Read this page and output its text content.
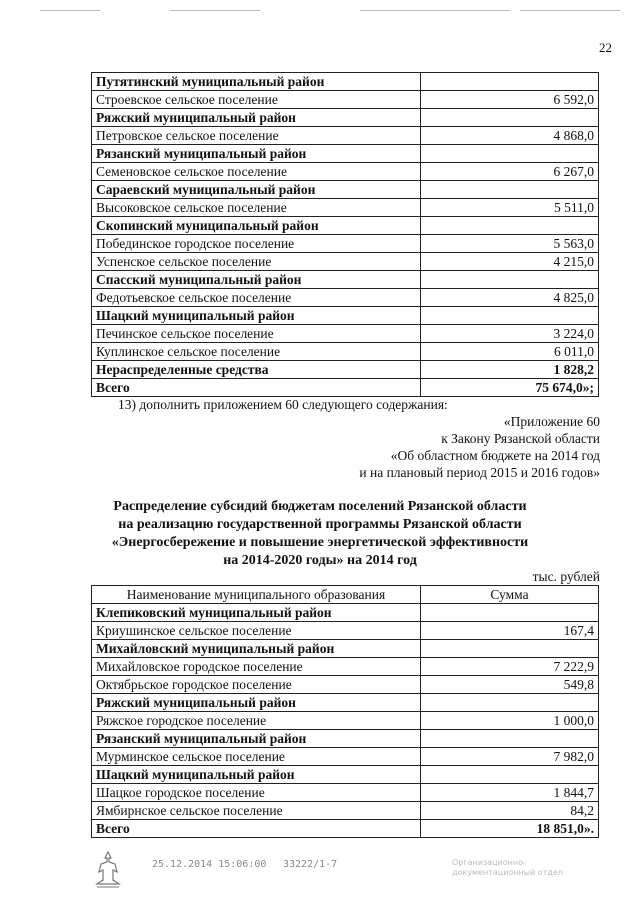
22
Путятинский муниципальный район	
Строевское сельское поселение	6 592,0
Ряжский муниципальный район	
Петровское сельское поселение	4 868,0
Рязанский муниципальный район	
Семеновское сельское поселение	6 267,0
Сараевский муниципальный район	
Высоковское сельское поселение	5 511,0
Скопинский муниципальный район	
Побединское городское поселение	5 563,0
Успенское сельское поселение	4 215,0
Спасский муниципальный район	
Федотьевское сельское поселение	4 825,0
Шацкий муниципальный район	
Печинское сельское поселение	3 224,0
Куплинское сельское поселение	6 011,0
Нераспределенные средства	1 828,2
Всего	75 674,0»;
13) дополнить приложением 60 следующего содержания:
«Приложение 60
к Закону Рязанской области
«Об областном бюджете на 2014 год
и на плановый период 2015 и 2016 годов»
Распределение субсидий бюджетам поселений Рязанской области
на реализацию государственной программы Рязанской области
«Энергосбережение и повышение энергетической эффективности
на 2014-2020 годы» на 2014 год
тыс. рублей
Наименование муниципального образования	Сумма
Клепиковский муниципальный район	
Криушинское сельское поселение	167,4
Михайловский муниципальный район	
Михайловское городское поселение	7 222,9
Октябрьское городское поселение	549,8
Ряжский муниципальный район	
Ряжское городское поселение	1 000,0
Рязанский муниципальный район	
Мурминское сельское поселение	7 982,0
Шацкий муниципальный район	
Шацкое городское поселение	1 844,7
Ямбирнское сельское поселение	84,2
Всего	18 851,0».
25.12.2014 15:06:00 33222/1-7	Организационно-
документационный отдел
